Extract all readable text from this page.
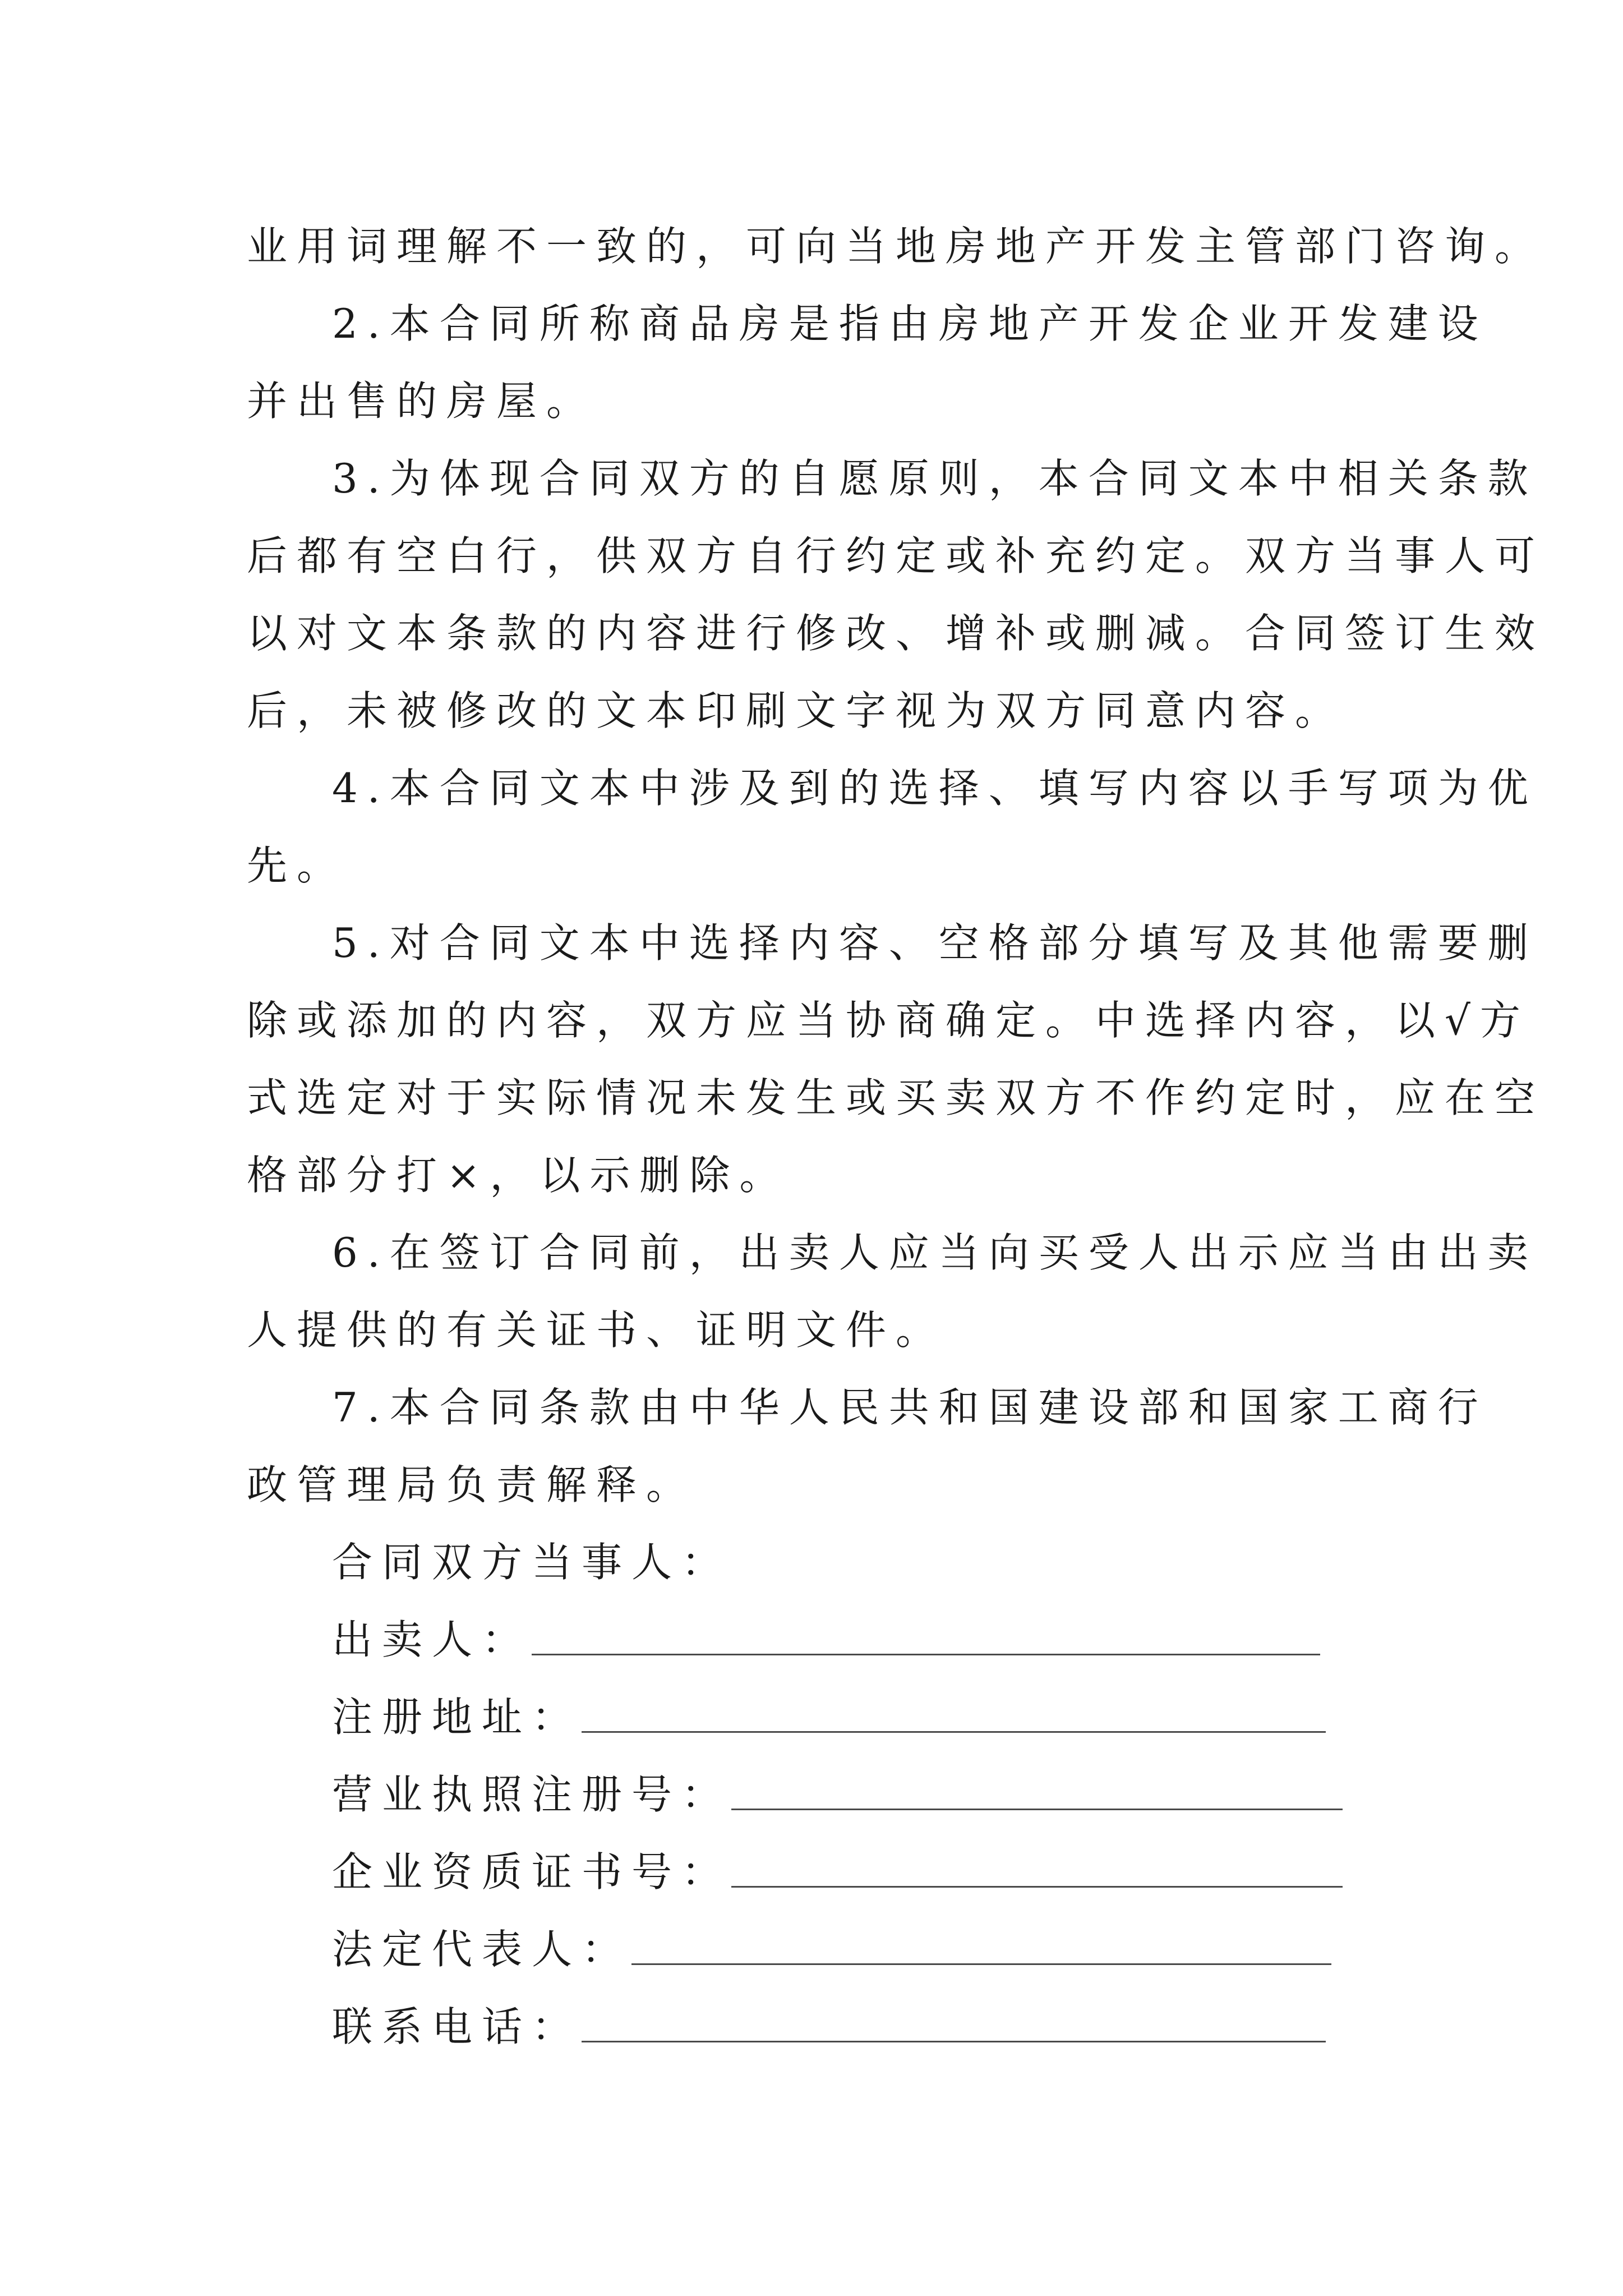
业用词理解不一致的，可向当地房地产开发主管部门咨询。
2.本合同所称商品房是指由房地产开发企业开发建设
并出售的房屋。
3.为体现合同双方的自愿原则，本合同文本中相关条款
后都有空白行，供双方自行约定或补充约定。双方当事人可
以对文本条款的内容进行修改、增补或删减。合同签订生效
后，未被修改的文本印刷文字视为双方同意内容。
4.本合同文本中涉及到的选择、填写内容以手写项为优
先。
5.对合同文本中选择内容、空格部分填写及其他需要删
除或添加的内容，双方应当协商确定。中选择内容，以√方
式选定对于实际情况未发生或买卖双方不作约定时，应在空
格部分打×，以示删除。
6.在签订合同前，出卖人应当向买受人出示应当由出卖
人提供的有关证书、证明文件。
7.本合同条款由中华人民共和国建设部和国家工商行
政管理局负责解释。
合同双方当事人：
出卖人：
注册地址：
营业执照注册号：
企业资质证书号：
法定代表人：
联系电话：
